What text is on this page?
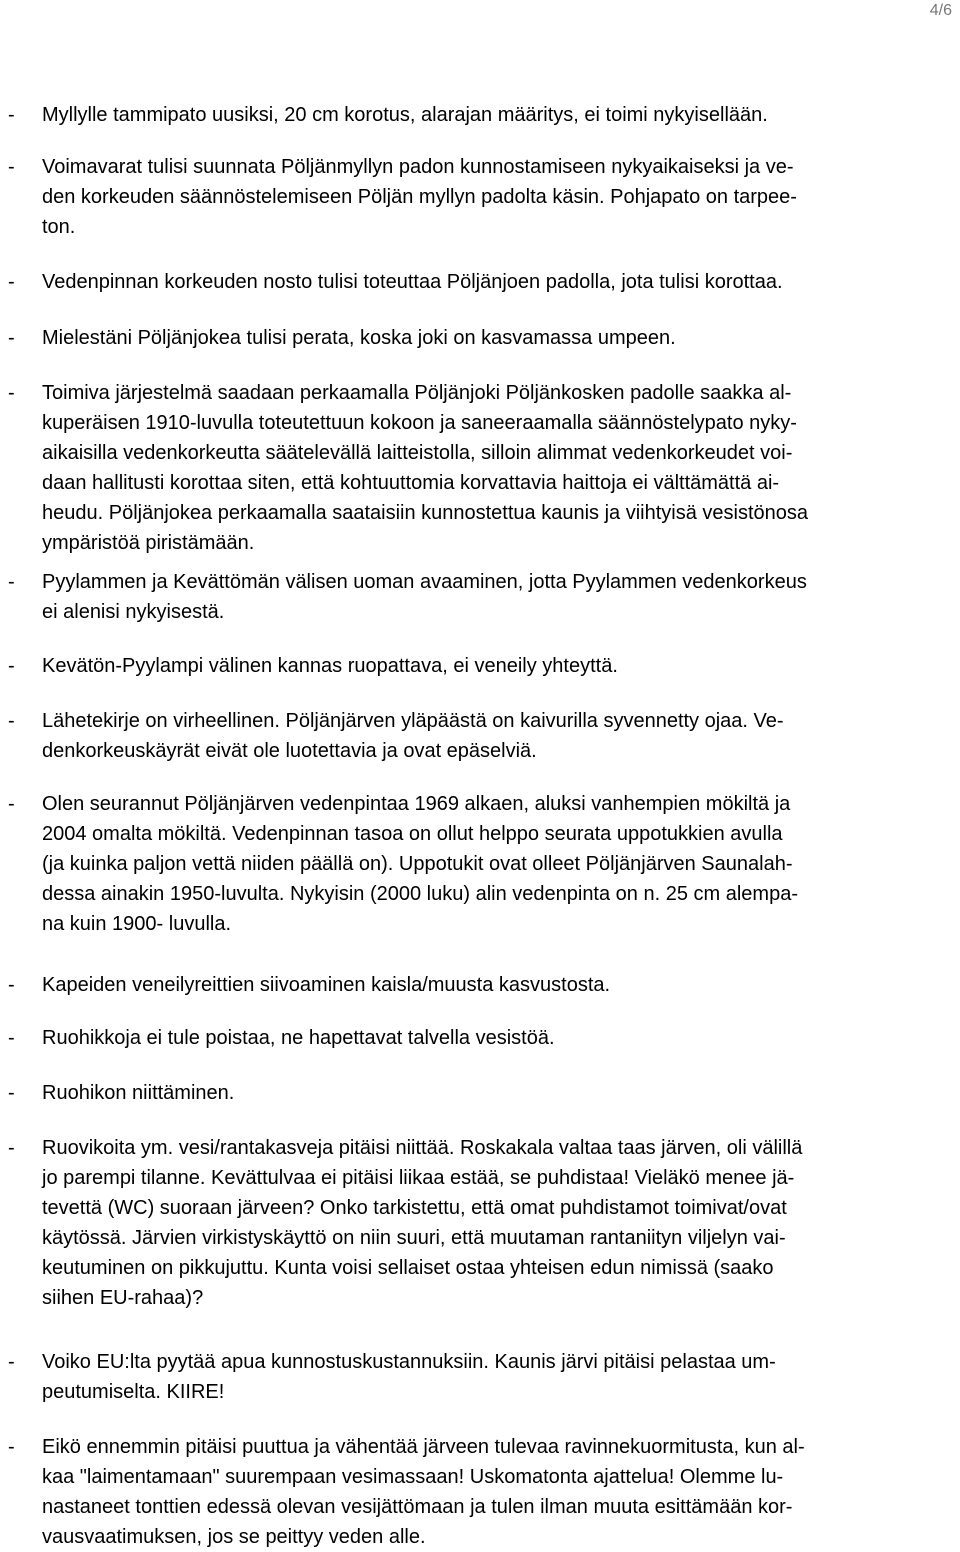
4/6
- Myllylle tammipato uusiksi, 20 cm korotus, alarajan määritys, ei toimi nykyisellään.
- Voimavarat tulisi suunnata Pöljänmyllyn padon kunnostamiseen nykyaikaiseksi ja ve-
den korkeuden säännöstelemiseen Pöljän myllyn padolta käsin. Pohjapato on tarpee-
ton.
- Vedenpinnan korkeuden nosto tulisi toteuttaa Pöljänjoen padolla, jota tulisi korottaa.
- Mielestäni Pöljänjokea tulisi perata, koska joki on kasvamassa umpeen.
- Toimiva järjestelmä saadaan perkaamalla Pöljänjoki Pöljänkosken padolle saakka al-
kuperäisen 1910-luvulla toteutettuun kokoon ja saneeraamalla säännöstelypato nyky-
aikaisilla vedenkorkeutta säätelevällä laitteistolla, silloin alimmat vedenkorkeudet voi-
daan hallitusti korottaa siten, että kohtuuttomia korvattavia haittoja ei välttämättä ai-
heudu. Pöljänjokea perkaamalla saataisiin kunnostettua kaunis ja viihtyisä vesistönosa
ympäristöä piristämään.
- Pyylammen ja Kevättömän välisen uoman avaaminen, jotta Pyylammen vedenkorkeus
ei alenisi nykyisestä.
- Kevätön-Pyylampi välinen kannas ruopattava, ei veneily yhteyttä.
- Lähetekirje on virheellinen. Pöljänjärven yläpäästä on kaivurilla syvennetty ojaa. Ve-
denkorkeuskäyrät eivät ole luotettavia ja ovat epäselviä.
- Olen seurannut Pöljänjärven vedenpintaa 1969 alkaen, aluksi vanhempien mökiltä ja
2004 omalta mökiltä. Vedenpinnan tasoa on ollut helppo seurata uppotukkien avulla
(ja kuinka paljon vettä niiden päällä on). Uppotukit ovat olleet Pöljänjärven Saunalah-
dessa ainakin 1950-luvulta. Nykyisin (2000 luku) alin vedenpinta on n. 25 cm alempa-
na kuin 1900- luvulla.
- Kapeiden veneilyreittien siivoaminen kaisla/muusta kasvustosta.
- Ruohikkoja ei tule poistaa, ne hapettavat talvella vesistöä.
- Ruohikon niittäminen.
- Ruovikoita ym. vesi/rantakasveja pitäisi niittää. Roskakala valtaa taas järven, oli välillä
jo parempi tilanne. Kevättulvaa ei pitäisi liikaa estää, se puhdistaa! Vieläkö menee jä-
tevettä (WC) suoraan järveen? Onko tarkistettu, että omat puhdistamot toimivat/ovat
käytössä. Järvien virkistyskäyttö on niin suuri, että muutaman rantaniityn viljelyn vai-
keutuminen on pikkujuttu. Kunta voisi sellaiset ostaa yhteisen edun nimissä (saako
siihen EU-rahaa)?
- Voiko EU:lta pyytää apua kunnostuskustannuksiin. Kaunis järvi pitäisi pelastaa um-
peutumiselta. KIIRE!
- Eikö ennemmin pitäisi puuttua ja vähentää järveen tulevaa ravinnekuormitusta, kun al-
kaa "laimentamaan" suurempaan vesimassaan! Uskomatonta ajattelua! Olemme lu-
nastaneet tonttien edessä olevan vesijättömaan ja tulen ilman muuta esittämään kor-
vausvaatimuksen, jos se peittyy veden alle.
